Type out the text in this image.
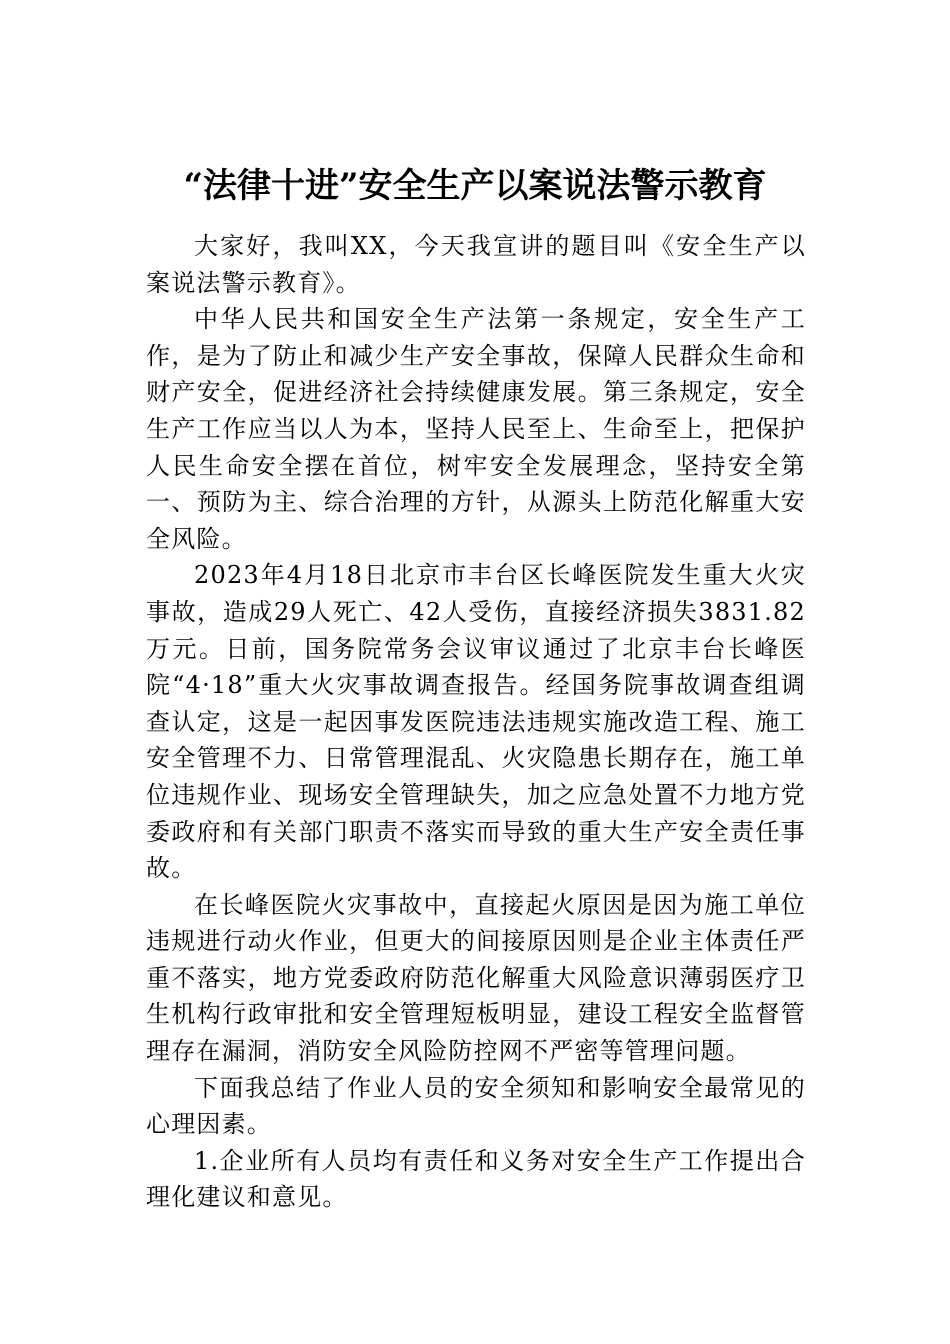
“法律十进”安全生产以案说法警示教育

大家好，我叫XX，今天我宣讲的题目叫《安全生产以案说法警示教育》。

中华人民共和国安全生产法第一条规定，安全生产工作，是为了防止和减少生产安全事故，保障人民群众生命和财产安全，促进经济社会持续健康发展。第三条规定，安全生产工作应当以人为本，坚持人民至上、生命至上，把保护人民生命安全摆在首位，树牢安全发展理念，坚持安全第一、预防为主、综合治理的方针，从源头上防范化解重大安全风险。

2023年4月18日北京市丰台区长峰医院发生重大火灾事故，造成29人死亡、42人受伤，直接经济损失3831.82万元。日前，国务院常务会议审议通过了北京丰台长峰医院“4·18”重大火灾事故调查报告。经国务院事故调查组调查认定，这是一起因事发医院违法违规实施改造工程、施工安全管理不力、日常管理混乱、火灾隐患长期存在，施工单位违规作业、现场安全管理缺失，加之应急处置不力地方党委政府和有关部门职责不落实而导致的重大生产安全责任事故。

在长峰医院火灾事故中，直接起火原因是因为施工单位违规进行动火作业，但更大的间接原因则是企业主体责任严重不落实，地方党委政府防范化解重大风险意识薄弱医疗卫生机构行政审批和安全管理短板明显，建设工程安全监督管理存在漏洞，消防安全风险防控网不严密等管理问题。

下面我总结了作业人员的安全须知和影响安全最常见的心理因素。

1.企业所有人员均有责任和义务对安全生产工作提出合理化建议和意见。
